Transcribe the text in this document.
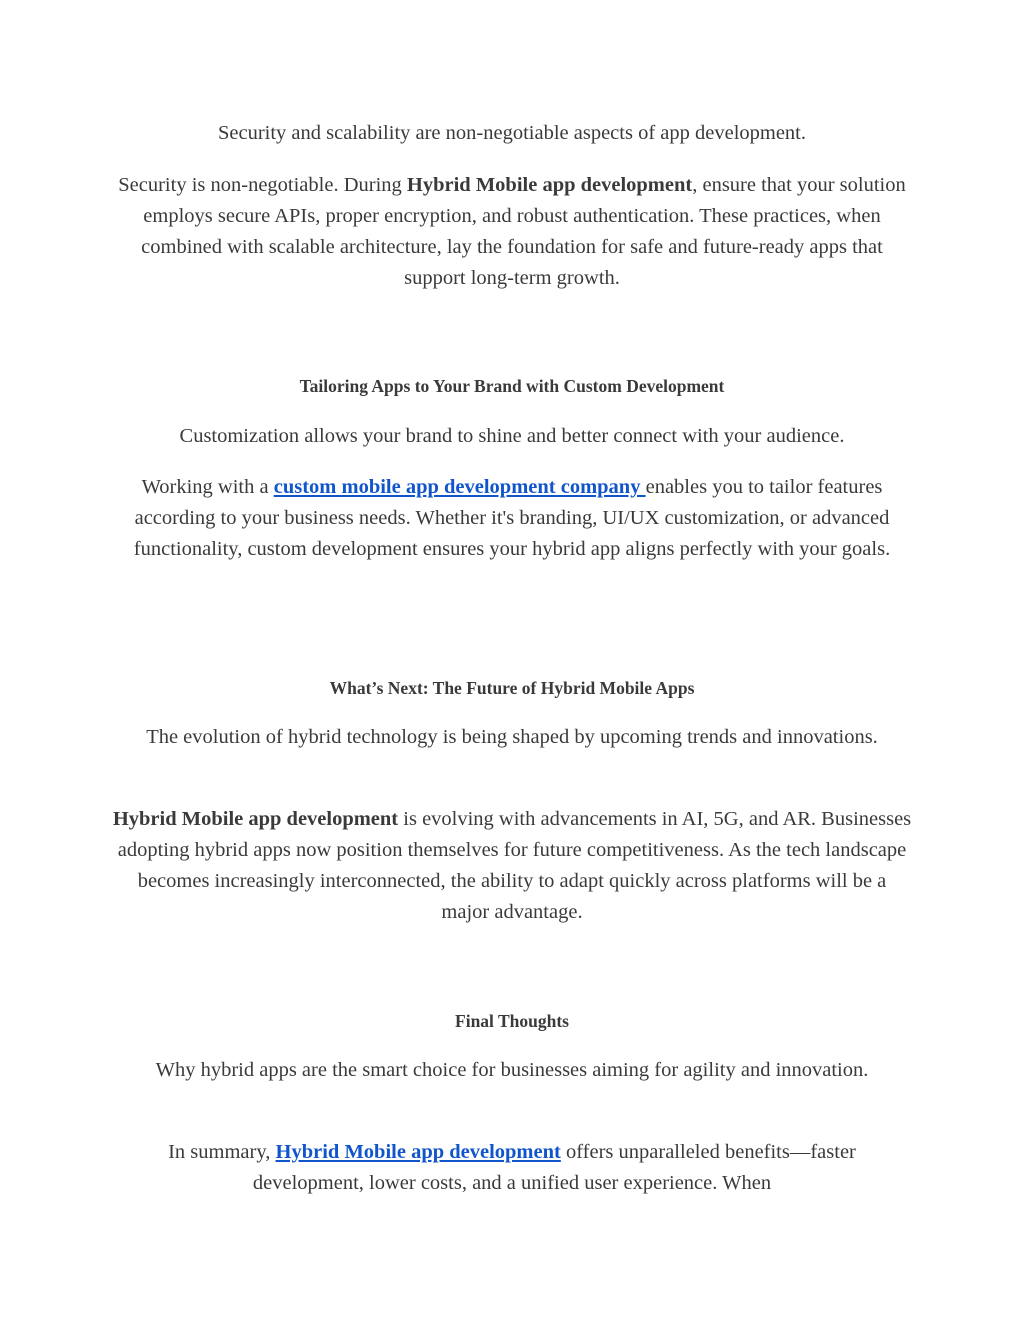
Security and scalability are non-negotiable aspects of app development.

Security is non-negotiable. During Hybrid Mobile app development, ensure that your solution employs secure APIs, proper encryption, and robust authentication. These practices, when combined with scalable architecture, lay the foundation for safe and future-ready apps that support long-term growth.

Tailoring Apps to Your Brand with Custom Development

Customization allows your brand to shine and better connect with your audience.

Working with a custom mobile app development company enables you to tailor features according to your business needs. Whether it's branding, UI/UX customization, or advanced functionality, custom development ensures your hybrid app aligns perfectly with your goals.

What’s Next: The Future of Hybrid Mobile Apps

The evolution of hybrid technology is being shaped by upcoming trends and innovations.

Hybrid Mobile app development is evolving with advancements in AI, 5G, and AR. Businesses adopting hybrid apps now position themselves for future competitiveness. As the tech landscape becomes increasingly interconnected, the ability to adapt quickly across platforms will be a major advantage.

Final Thoughts

Why hybrid apps are the smart choice for businesses aiming for agility and innovation.

In summary, Hybrid Mobile app development offers unparalleled benefits—faster development, lower costs, and a unified user experience. When
